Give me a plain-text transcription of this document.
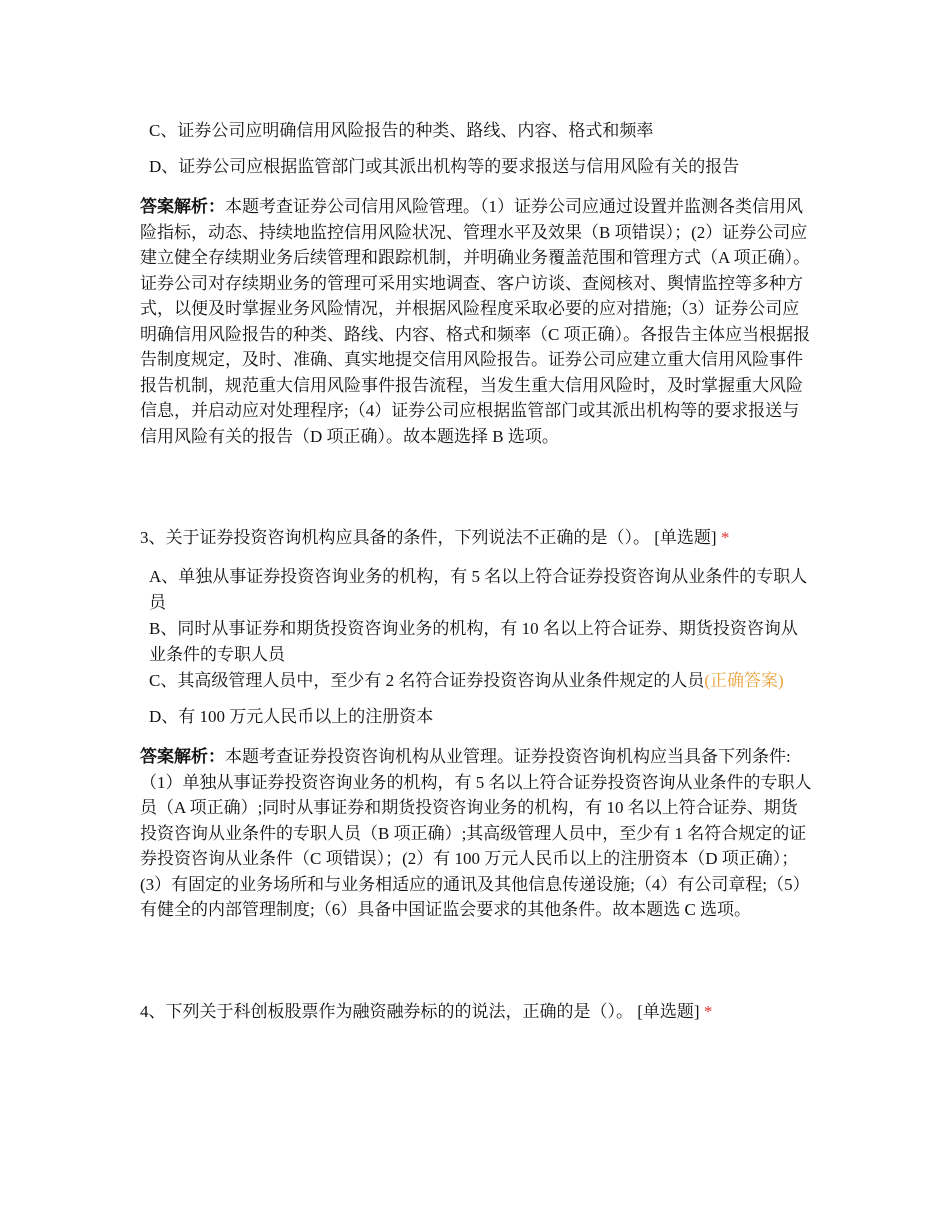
C、证券公司应明确信用风险报告的种类、路线、内容、格式和频率

D、证券公司应根据监管部门或其派出机构等的要求报送与信用风险有关的报告

答案解析：本题考查证券公司信用风险管理。（1）证券公司应通过设置并监测各类信用风险指标，动态、持续地监控信用风险状况、管理水平及效果（B 项错误）；(2）证券公司应建立健全存续期业务后续管理和跟踪机制，并明确业务覆盖范围和管理方式（A 项正确）。证券公司对存续期业务的管理可采用实地调查、客户访谈、查阅核对、舆情监控等多种方式，以便及时掌握业务风险情况，并根据风险程度采取必要的应对措施;（3）证券公司应明确信用风险报告的种类、路线、内容、格式和频率（C 项正确）。各报告主体应当根据报告制度规定，及时、准确、真实地提交信用风险报告。证券公司应建立重大信用风险事件报告机制，规范重大信用风险事件报告流程，当发生重大信用风险时，及时掌握重大风险信息，并启动应对处理程序;（4）证券公司应根据监管部门或其派出机构等的要求报送与信用风险有关的报告（D 项正确）。故本题选择 B 选项。

3、关于证券投资咨询机构应具备的条件，下列说法不正确的是（）。 [单选题] *

A、单独从事证券投资咨询业务的机构，有 5 名以上符合证券投资咨询从业条件的专职人员

B、同时从事证券和期货投资咨询业务的机构，有 10 名以上符合证券、期货投资咨询从业条件的专职人员

C、其高级管理人员中，至少有 2 名符合证券投资咨询从业条件规定的人员(正确答案)

D、有 100 万元人民币以上的注册资本

答案解析：本题考查证券投资咨询机构从业管理。证券投资咨询机构应当具备下列条件:（1）单独从事证券投资咨询业务的机构，有 5 名以上符合证券投资咨询从业条件的专职人员（A 项正确）;同时从事证券和期货投资咨询业务的机构，有 10 名以上符合证券、期货投资咨询从业条件的专职人员（B 项正确）;其高级管理人员中，至少有 1 名符合规定的证券投资咨询从业条件（C 项错误）；(2）有 100 万元人民币以上的注册资本（D 项正确）；(3）有固定的业务场所和与业务相适应的通讯及其他信息传递设施;（4）有公司章程;（5）有健全的内部管理制度;（6）具备中国证监会要求的其他条件。故本题选 C 选项。

4、下列关于科创板股票作为融资融券标的的说法，正确的是（）。 [单选题] *
